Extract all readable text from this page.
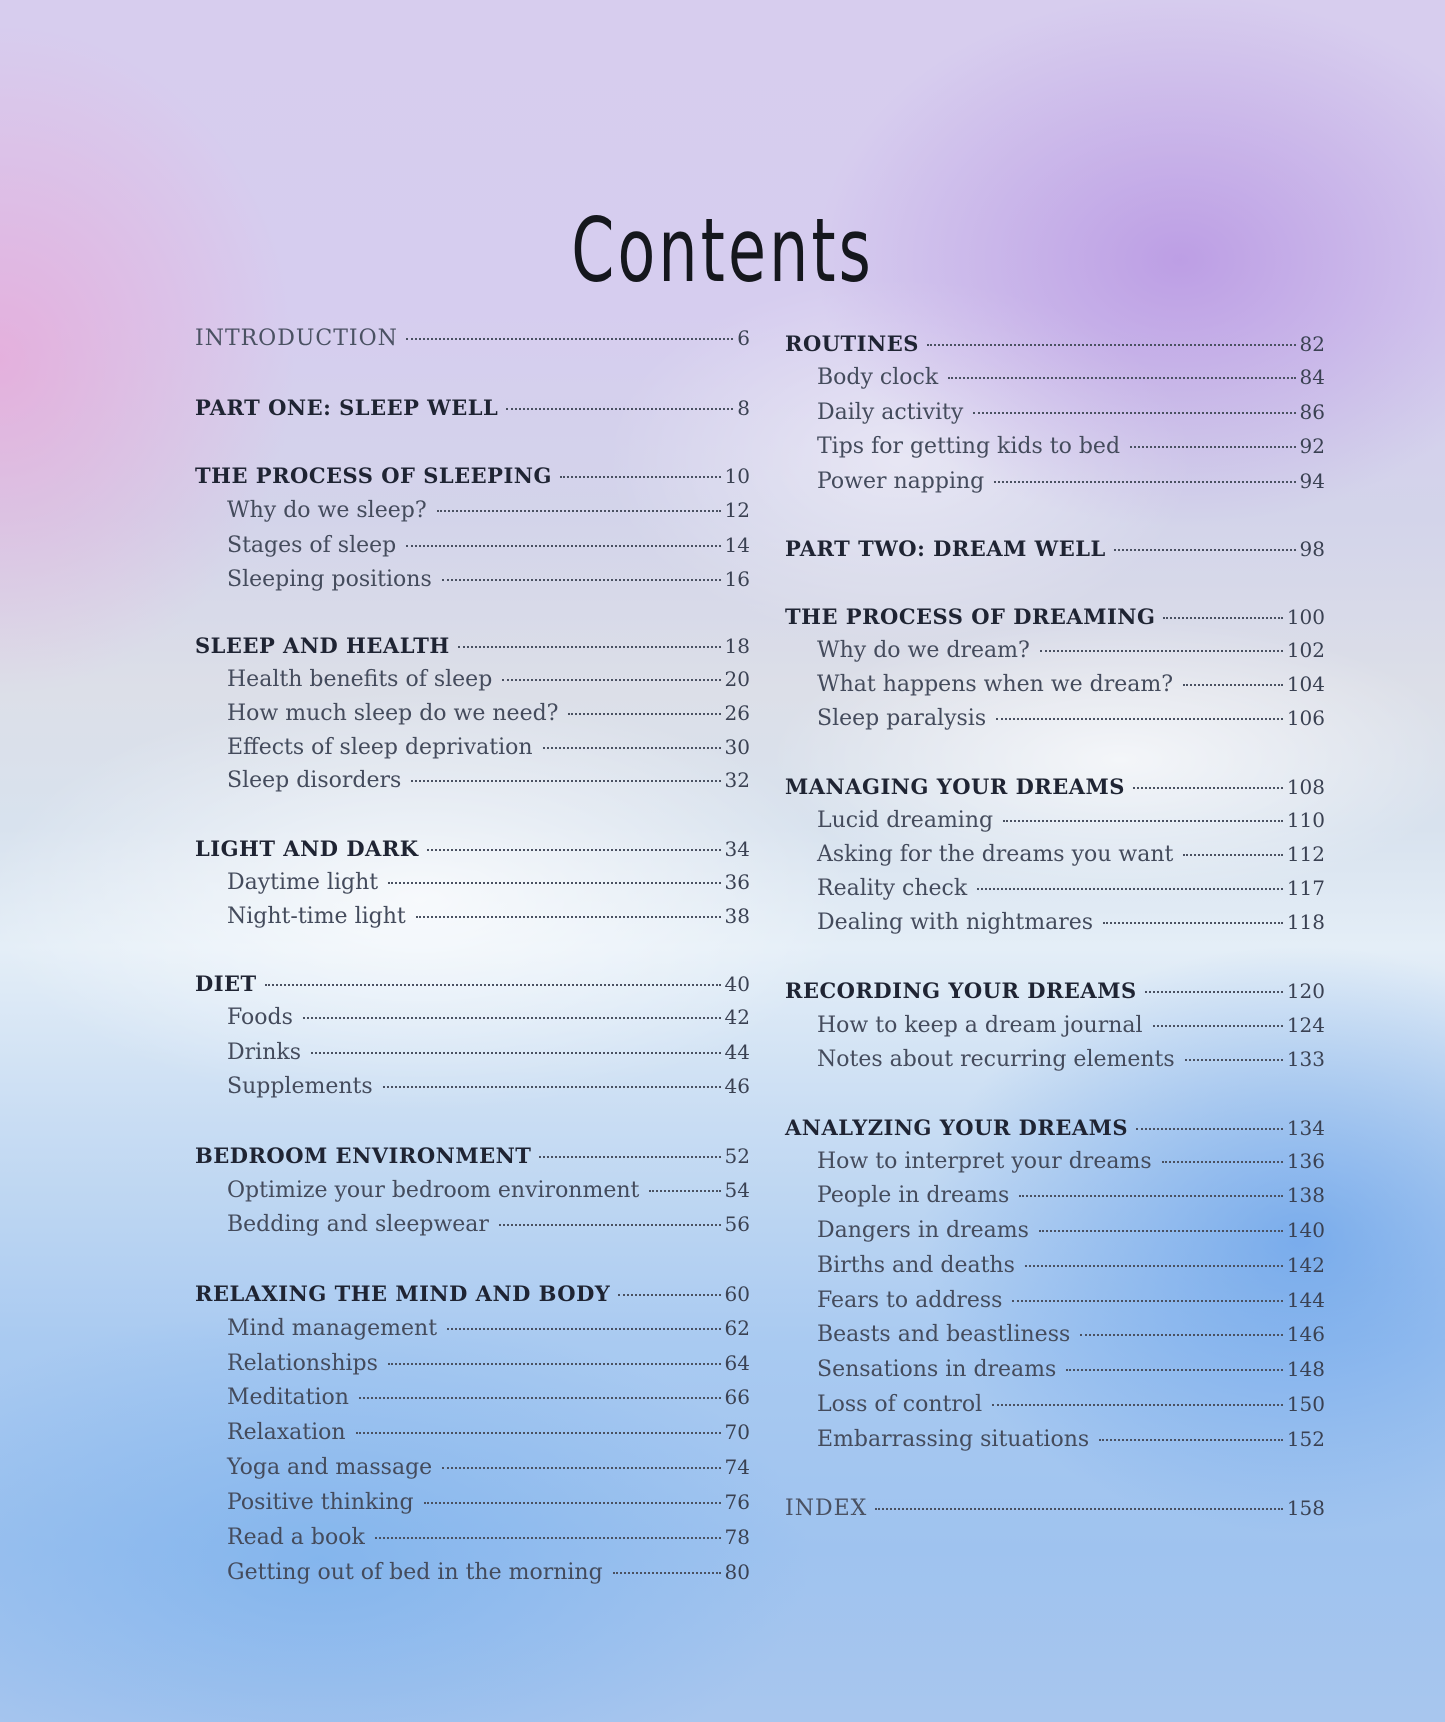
Contents
INTRODUCTION	6
PART ONE: SLEEP WELL	8
THE PROCESS OF SLEEPING	10
Why do we sleep?	12
Stages of sleep	14
Sleeping positions	16
SLEEP AND HEALTH	18
Health benefits of sleep	20
How much sleep do we need?	26
Effects of sleep deprivation	30
Sleep disorders	32
LIGHT AND DARK	34
Daytime light	36
Night-time light	38
DIET	40
Foods	42
Drinks	44
Supplements	46
BEDROOM ENVIRONMENT	52
Optimize your bedroom environment	54
Bedding and sleepwear	56
RELAXING THE MIND AND BODY	60
Mind management	62
Relationships	64
Meditation	66
Relaxation	70
Yoga and massage	74
Positive thinking	76
Read a book	78
Getting out of bed in the morning	80
ROUTINES	82
Body clock	84
Daily activity	86
Tips for getting kids to bed	92
Power napping	94
PART TWO: DREAM WELL	98
THE PROCESS OF DREAMING	100
Why do we dream?	102
What happens when we dream?	104
Sleep paralysis	106
MANAGING YOUR DREAMS	108
Lucid dreaming	110
Asking for the dreams you want	112
Reality check	117
Dealing with nightmares	118
RECORDING YOUR DREAMS	120
How to keep a dream journal	124
Notes about recurring elements	133
ANALYZING YOUR DREAMS	134
How to interpret your dreams	136
People in dreams	138
Dangers in dreams	140
Births and deaths	142
Fears to address	144
Beasts and beastliness	146
Sensations in dreams	148
Loss of control	150
Embarrassing situations	152
INDEX	158
